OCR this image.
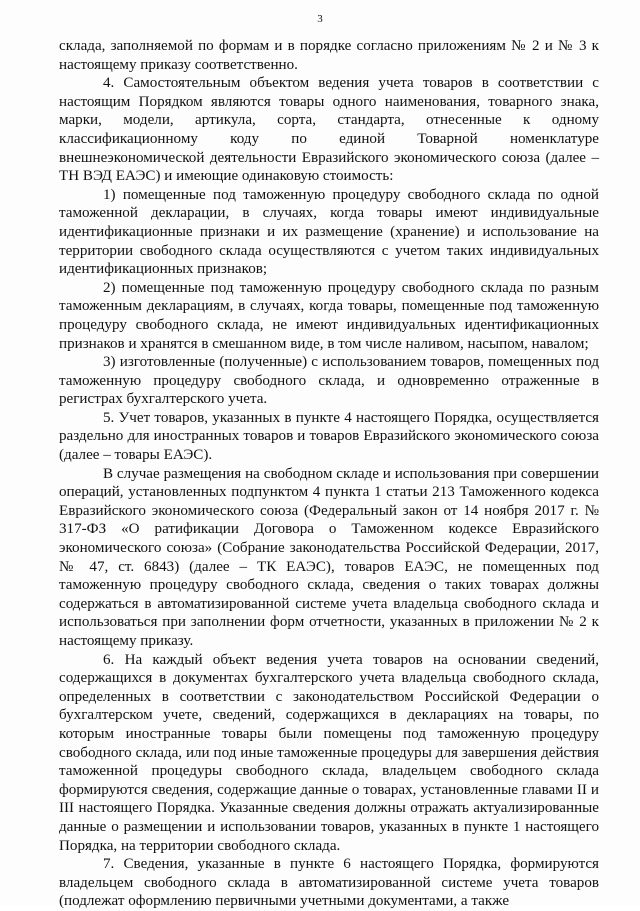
3

склада, заполняемой по формам и в порядке согласно приложениям № 2 и № 3 к настоящему приказу соответственно.

4. Самостоятельным объектом ведения учета товаров в соответствии с настоящим Порядком являются товары одного наименования, товарного знака, марки, модели, артикула, сорта, стандарта, отнесенные к одному классификационному коду по единой Товарной номенклатуре внешнеэкономической деятельности Евразийского экономического союза (далее – ТН ВЭД ЕАЭС) и имеющие одинаковую стоимость:

1) помещенные под таможенную процедуру свободного склада по одной таможенной декларации, в случаях, когда товары имеют индивидуальные идентификационные признаки и их размещение (хранение) и использование на территории свободного склада осуществляются с учетом таких индивидуальных идентификационных признаков;

2) помещенные под таможенную процедуру свободного склада по разным таможенным декларациям, в случаях, когда товары, помещенные под таможенную процедуру свободного склада, не имеют индивидуальных идентификационных признаков и хранятся в смешанном виде, в том числе наливом, насыпом, навалом;

3) изготовленные (полученные) с использованием товаров, помещенных под таможенную процедуру свободного склада, и одновременно отраженные в регистрах бухгалтерского учета.

5. Учет товаров, указанных в пункте 4 настоящего Порядка, осуществляется раздельно для иностранных товаров и товаров Евразийского экономического союза (далее – товары ЕАЭС).

В случае размещения на свободном складе и использования при совершении операций, установленных подпунктом 4 пункта 1 статьи 213 Таможенного кодекса Евразийского экономического союза (Федеральный закон от 14 ноября 2017 г. № 317-ФЗ «О ратификации Договора о Таможенном кодексе Евразийского экономического союза» (Собрание законодательства Российской Федерации, 2017, № 47, ст. 6843) (далее – ТК ЕАЭС), товаров ЕАЭС, не помещенных под таможенную процедуру свободного склада, сведения о таких товарах должны содержаться в автоматизированной системе учета владельца свободного склада и использоваться при заполнении форм отчетности, указанных в приложении № 2 к настоящему приказу.

6. На каждый объект ведения учета товаров на основании сведений, содержащихся в документах бухгалтерского учета владельца свободного склада, определенных в соответствии с законодательством Российской Федерации о бухгалтерском учете, сведений, содержащихся в декларациях на товары, по которым иностранные товары были помещены под таможенную процедуру свободного склада, или под иные таможенные процедуры для завершения действия таможенной процедуры свободного склада, владельцем свободного склада формируются сведения, содержащие данные о товарах, установленные главами II и III настоящего Порядка. Указанные сведения должны отражать актуализированные данные о размещении и использовании товаров, указанных в пункте 1 настоящего Порядка, на территории свободного склада.

7. Сведения, указанные в пункте 6 настоящего Порядка, формируются владельцем свободного склада в автоматизированной системе учета товаров (подлежат оформлению первичными учетными документами, а также
